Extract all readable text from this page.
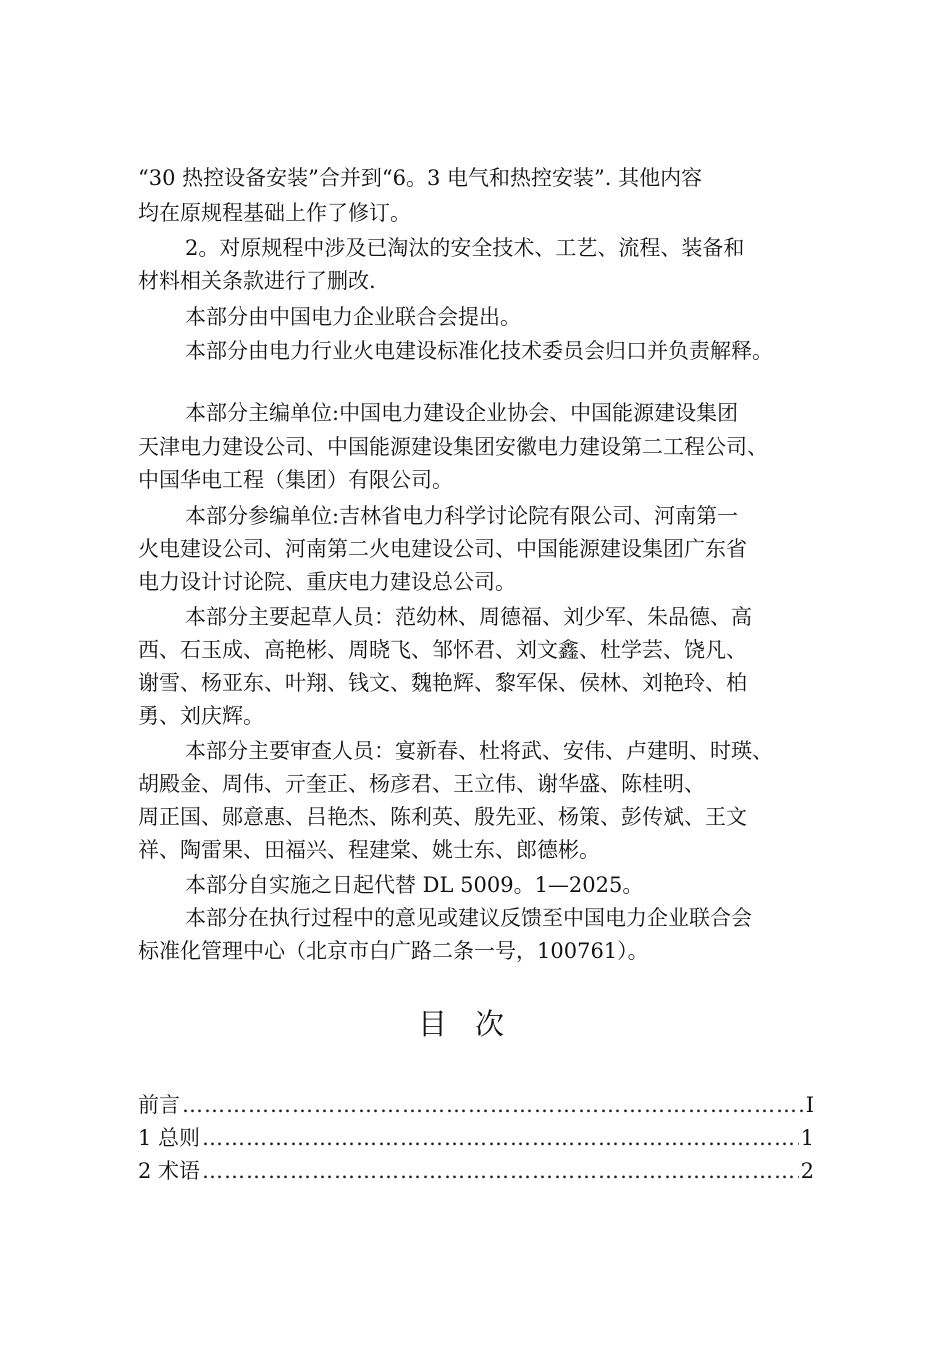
“30 热控设备安装”合并到“6。3 电气和热控安装”. 其他内容
均在原规程基础上作了修订。
2。对原规程中涉及已淘汰的安全技术、工艺、流程、装备和
材料相关条款进行了删改.
本部分由中国电力企业联合会提出。
本部分由电力行业火电建设标准化技术委员会归口并负责解释。
本部分主编单位:中国电力建设企业协会、中国能源建设集团
天津电力建设公司、中国能源建设集团安徽电力建设第二工程公司、
中国华电工程（集团）有限公司。
本部分参编单位:吉林省电力科学讨论院有限公司、河南第一
火电建设公司、河南第二火电建设公司、中国能源建设集团广东省
电力设计讨论院、重庆电力建设总公司。
本部分主要起草人员：范幼林、周德福、刘少军、朱品德、高
西、石玉成、高艳彬、周晓飞、邹怀君、刘文鑫、杜学芸、饶凡、
谢雪、杨亚东、叶翔、钱文、魏艳辉、黎军保、侯林、刘艳玲、柏
勇、刘庆辉。
本部分主要审查人员：宴新春、杜将武、安伟、卢建明、时瑛、
胡殿金、周伟、亓奎正、杨彦君、王立伟、谢华盛、陈桂明、
周正国、郧意惠、吕艳杰、陈利英、殷先亚、杨策、彭传斌、王文
祥、陶雷果、田福兴、程建棠、姚士东、郎德彬。
本部分自实施之日起代替 DL 5009。1—2025。
本部分在执行过程中的意见或建议反馈至中国电力企业联合会
标准化管理中心（北京市白广路二条一号，100761）。
目次
前言 …………………………………………………………………………………………………………………………………………	I
1 总则 …………………………………………………………………………………………………………………………………………	1
2 术语 …………………………………………………………………………………………………………………………………………	2
